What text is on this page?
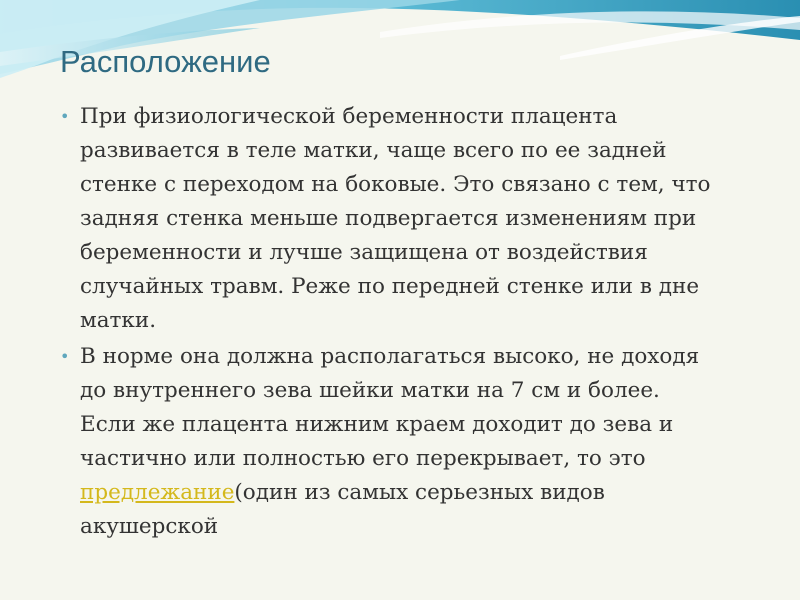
Расположение
• При физиологической беременности плацента развивается в теле матки, чаще всего по ее задней стенке с переходом на боковые. Это связано с тем, что задняя стенка меньше подвергается изменениям при беременности и лучше защищена от воздействия случайных травм. Реже по передней стенке или в дне матки.
• В норме она должна располагаться высоко, не доходя до внутреннего зева шейки матки на 7 см и более. Если же плацента нижним краем доходит до зева и частично или полностью его перекрывает, то это предлежание(один из самых серьезных видов акушерской
